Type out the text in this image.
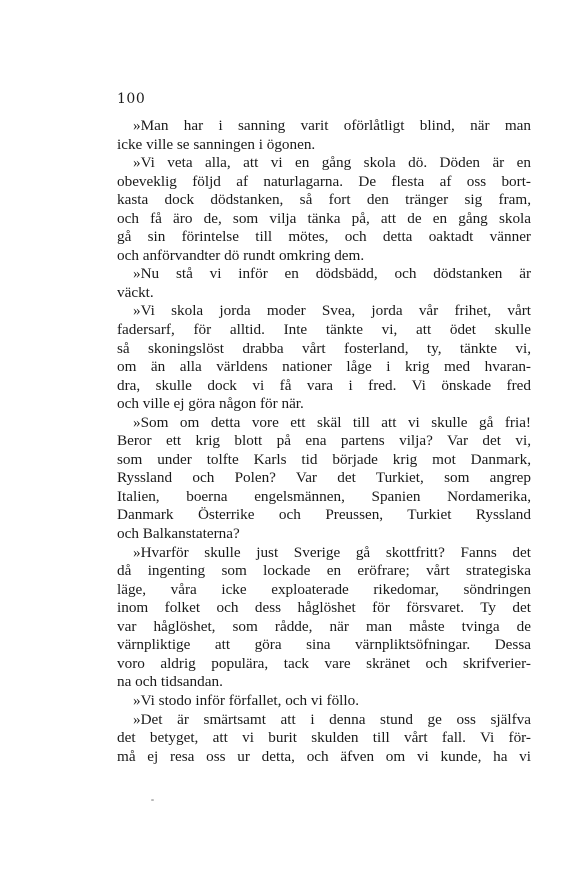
100
»Man har i sanning varit oförlåtligt blind, när man
icke ville se sanningen i ögonen.
»Vi veta alla, att vi en gång skola dö. Döden är en
obeveklig följd af naturlagarna. De flesta af oss bort-
kasta dock dödstanken, så fort den tränger sig fram,
och få äro de, som vilja tänka på, att de en gång skola
gå sin förintelse till mötes, och detta oaktadt vänner
och anförvandter dö rundt omkring dem.
»Nu stå vi inför en dödsbädd, och dödstanken är
väckt.
»Vi skola jorda moder Svea, jorda vår frihet, vårt
fadersarf, för alltid. Inte tänkte vi, att ödet skulle
så skoningslöst drabba vårt fosterland, ty, tänkte vi,
om än alla världens nationer låge i krig med hvaran-
dra, skulle dock vi få vara i fred. Vi önskade fred
och ville ej göra någon för när.
»Som om detta vore ett skäl till att vi skulle gå fria!
Beror ett krig blott på ena partens vilja? Var det vi,
som under tolfte Karls tid började krig mot Danmark,
Ryssland och Polen? Var det Turkiet, som angrep
Italien, boerna engelsmännen, Spanien Nordamerika,
Danmark Österrike och Preussen, Turkiet Ryssland
och Balkanstaterna?
»Hvarför skulle just Sverige gå skottfritt? Fanns det
då ingenting som lockade en eröfrare; vårt strategiska
läge, våra icke exploaterade rikedomar, söndringen
inom folket och dess håglöshet för försvaret. Ty det
var håglöshet, som rådde, när man måste tvinga de
värnpliktige att göra sina värnpliktsöfningar. Dessa
voro aldrig populära, tack vare skränet och skrifverier-
na och tidsandan.
»Vi stodo inför förfallet, och vi föllo.
»Det är smärtsamt att i denna stund ge oss själfva
det betyget, att vi burit skulden till vårt fall. Vi för-
må ej resa oss ur detta, och äfven om vi kunde, ha vi
